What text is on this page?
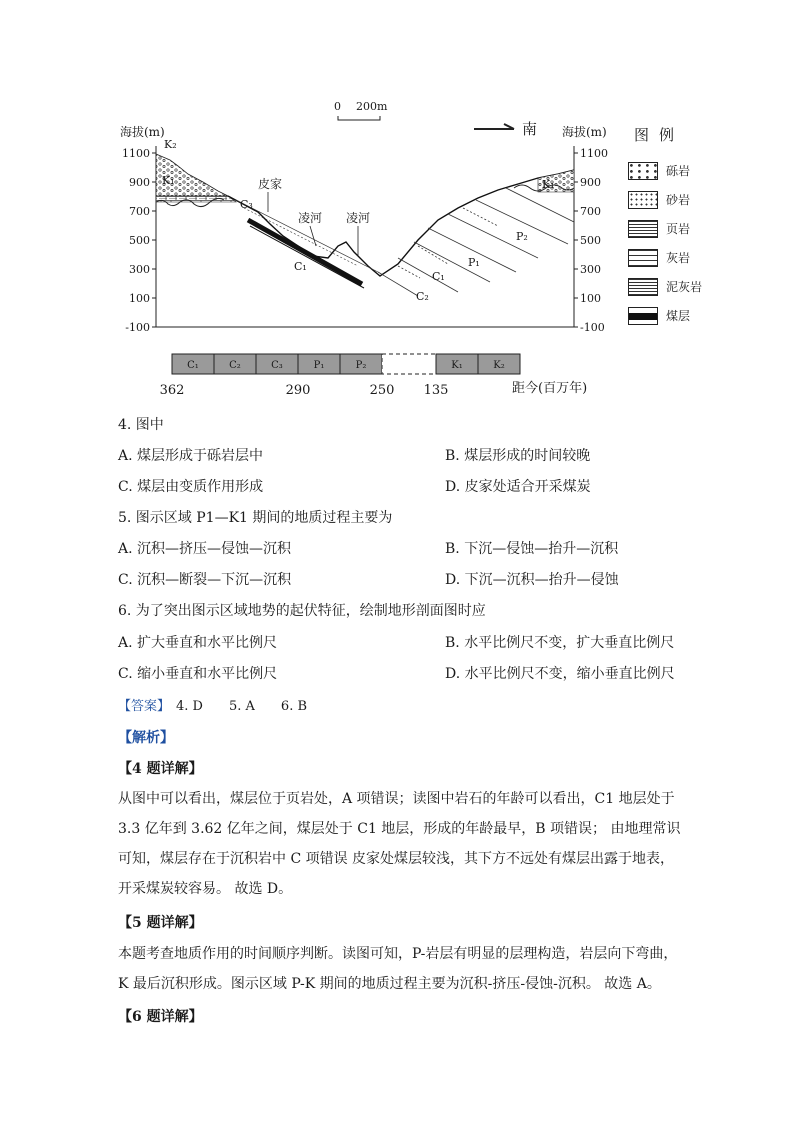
0 200m
海拔(m)	海拔(m)
南
1100
900
700
500
300
100
-100
1100
900
700
500
300
100
-100
皮家
凌河 凌河
K₂
K₁	K₁
C₃
C₁
C₁
C₂
P₁
P₂
C₁	C₂	C₃	P₁	P₂	K₁	K₂
362	290	250 135	距今(百万年)
图例
砾岩
砂岩
页岩
灰岩
泥灰岩
煤层
4. 图中
A. 煤层形成于砾岩层中	B. 煤层形成的时间较晚
C. 煤层由变质作用形成	D. 皮家处适合开采煤炭
5. 图示区域 P1—K1 期间的地质过程主要为
A. 沉积—挤压—侵蚀—沉积	B. 下沉—侵蚀—抬升—沉积
C. 沉积—断裂—下沉—沉积	D. 下沉—沉积—抬升—侵蚀
6. 为了突出图示区域地势的起伏特征，绘制地形剖面图时应
A. 扩大垂直和水平比例尺	B. 水平比例尺不变，扩大垂直比例尺
C. 缩小垂直和水平比例尺	D. 水平比例尺不变，缩小垂直比例尺
【答案】 4. D 5. A 6. B
【解析】
【4 题详解】
从图中可以看出，煤层位于页岩处，A 项错误；读图中岩石的年龄可以看出，C1 地层处于
3.3 亿年到 3.62 亿年之间，煤层处于 C1 地层，形成的年龄最早，B 项错误； 由地理常识
可知，煤层存在于沉积岩中 C 项错误 皮家处煤层较浅，其下方不远处有煤层出露于地表，
开采煤炭较容易。 故选 D。
【5 题详解】
本题考查地质作用的时间顺序判断。读图可知，P-岩层有明显的层理构造，岩层向下弯曲，
K 最后沉积形成。图示区域 P-K 期间的地质过程主要为沉积-挤压-侵蚀-沉积。 故选 A。
【6 题详解】
